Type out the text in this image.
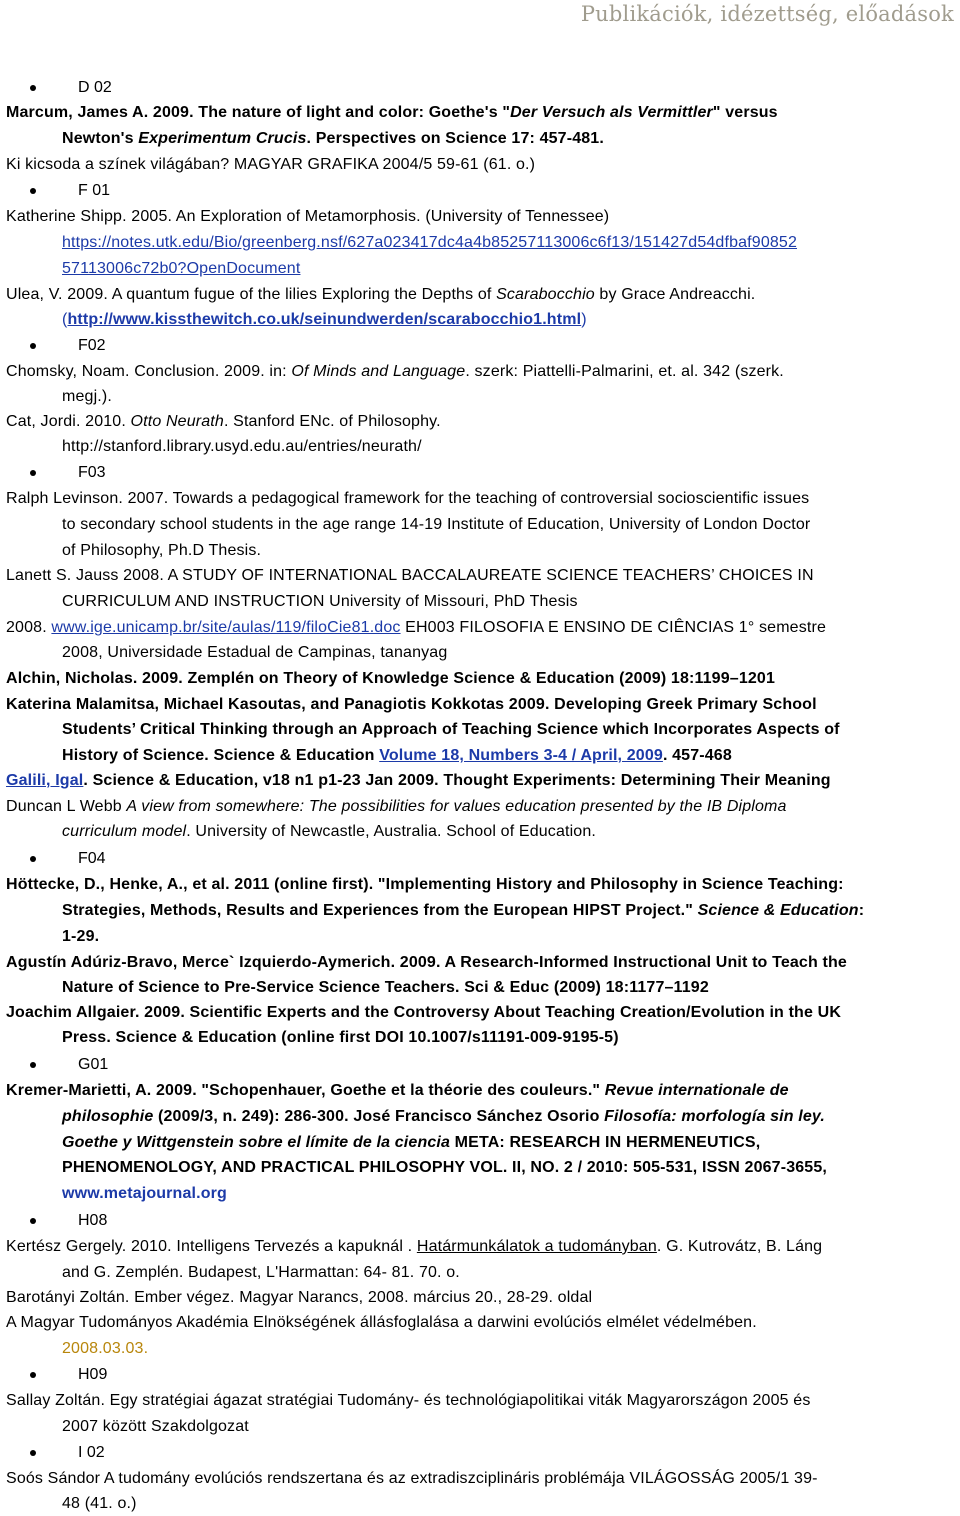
Publikációk, idézettség, előadások
D 02
Marcum, James A. 2009. The nature of light and color: Goethe's "Der Versuch als Vermittler" versus
Newton's Experimentum Crucis. Perspectives on Science 17: 457-481.
Ki kicsoda a színek világában? MAGYAR GRAFIKA 2004/5 59-61 (61. o.)
F 01
Katherine Shipp. 2005. An Exploration of Metamorphosis. (University of Tennessee)
https://notes.utk.edu/Bio/greenberg.nsf/627a023417dc4a4b85257113006c6f13/151427d54dfbaf90852
57113006c72b0?OpenDocument
Ulea, V. 2009. A quantum fugue of the lilies Exploring the Depths of Scarabocchio by Grace Andreacchi.
(http://www.kissthewitch.co.uk/seinundwerden/scarabocchio1.html)
F02
Chomsky, Noam. Conclusion. 2009. in: Of Minds and Language. szerk: Piattelli-Palmarini, et. al. 342 (szerk.
megj.).
Cat, Jordi. 2010. Otto Neurath. Stanford ENc. of Philosophy.
http://stanford.library.usyd.edu.au/entries/neurath/
F03
Ralph Levinson. 2007. Towards a pedagogical framework for the teaching of controversial socioscientific issues
to secondary school students in the age range 14-19 Institute of Education, University of London Doctor
of Philosophy, Ph.D Thesis.
Lanett S. Jauss 2008. A STUDY OF INTERNATIONAL BACCALAUREATE SCIENCE TEACHERS’ CHOICES IN
CURRICULUM AND INSTRUCTION University of Missouri, PhD Thesis
2008. www.ige.unicamp.br/site/aulas/119/filoCie81.doc EH003 FILOSOFIA E ENSINO DE CIÊNCIAS 1° semestre
2008, Universidade Estadual de Campinas, tananyag
Alchin, Nicholas. 2009. Zemplén on Theory of Knowledge Science & Education (2009) 18:1199–1201
Katerina Malamitsa, Michael Kasoutas, and Panagiotis Kokkotas 2009. Developing Greek Primary School
Students’ Critical Thinking through an Approach of Teaching Science which Incorporates Aspects of
History of Science. Science & Education Volume 18, Numbers 3-4 / April, 2009. 457-468
Galili, Igal. Science & Education, v18 n1 p1-23 Jan 2009. Thought Experiments: Determining Their Meaning
Duncan L Webb A view from somewhere: The possibilities for values education presented by the IB Diploma
curriculum model. University of Newcastle, Australia. School of Education.
F04
Höttecke, D., Henke, A., et al. 2011 (online first). "Implementing History and Philosophy in Science Teaching:
Strategies, Methods, Results and Experiences from the European HIPST Project." Science & Education:
1-29.
Agustín Adúriz-Bravo, Merce` Izquierdo-Aymerich. 2009. A Research-Informed Instructional Unit to Teach the
Nature of Science to Pre-Service Science Teachers. Sci & Educ (2009) 18:1177–1192
Joachim Allgaier. 2009. Scientific Experts and the Controversy About Teaching Creation/Evolution in the UK
Press. Science & Education (online first DOI 10.1007/s11191-009-9195-5)
G01
Kremer-Marietti, A. 2009. "Schopenhauer, Goethe et la théorie des couleurs." Revue internationale de
philosophie (2009/3, n. 249): 286-300. José Francisco Sánchez Osorio Filosofía: morfología sin ley.
Goethe y Wittgenstein sobre el límite de la ciencia META: RESEARCH IN HERMENEUTICS,
PHENOMENOLOGY, AND PRACTICAL PHILOSOPHY VOL. II, NO. 2 / 2010: 505-531, ISSN 2067-3655,
www.metajournal.org
H08
Kertész Gergely. 2010. Intelligens Tervezés a kapuknál . Határmunkálatok a tudományban. G. Kutrovátz, B. Láng
and G. Zemplén. Budapest, L'Harmattan: 64- 81. 70. o.
Barotányi Zoltán. Ember végez. Magyar Narancs, 2008. március 20., 28-29. oldal
A Magyar Tudományos Akadémia Elnökségének állásfoglalása a darwini evolúciós elmélet védelmében.
2008.03.03.
H09
Sallay Zoltán. Egy stratégiai ágazat stratégiai Tudomány- és technológiapolitikai viták Magyarországon 2005 és
2007 között Szakdolgozat
I 02
Soós Sándor A tudomány evolúciós rendszertana és az extradiszciplináris problémája VILÁGOSSÁG 2005/1 39-
48 (41. o.)
